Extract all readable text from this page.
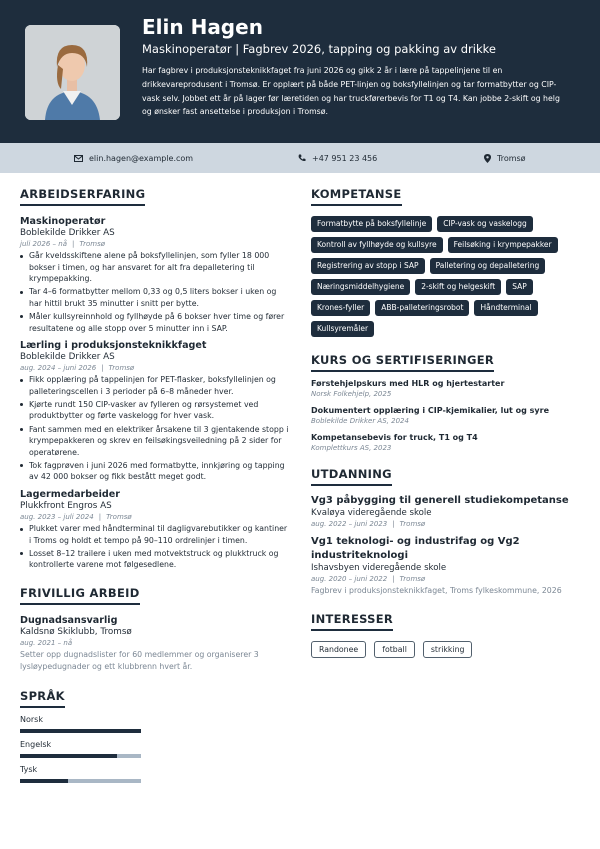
Elin Hagen
Maskinoperatør | Fagbrev 2026, tapping og pakking av drikke
Har fagbrev i produksjonsteknikkfaget fra juni 2026 og gikk 2 år i lære på tappelinjene til en drikkevareprodusent i Tromsø. Er opplært på både PET-linjen og boksfyllelinjen og tar formatbytter og CIP-vask selv. Jobbet ett år på lager før læretiden og har truckførerbevis for T1 og T4. Kan jobbe 2-skift og helg og ønsker fast ansettelse i produksjon i Tromsø.
elin.hagen@example.com	+47 951 23 456	Tromsø
ARBEIDSERFARING
Maskinoperatør
Boblekilde Drikker AS
juli 2026 – nå | Tromsø
Går kveldsskiftene alene på boksfyllelinjen, som fyller 18 000 bokser i timen, og har ansvaret for alt fra depalletering til krympepakking.
Tar 4–6 formatbytter mellom 0,33 og 0,5 liters bokser i uken og har hittil brukt 35 minutter i snitt per bytte.
Måler kullsyreinnhold og fyllhøyde på 6 bokser hver time og fører resultatene og alle stopp over 5 minutter inn i SAP.
Lærling i produksjonsteknikkfaget
Boblekilde Drikker AS
aug. 2024 – juni 2026 | Tromsø
Fikk opplæring på tappelinjen for PET-flasker, boksfyllelinjen og palleteringscellen i 3 perioder på 6–8 måneder hver.
Kjørte rundt 150 CIP-vasker av fylleren og rørsystemet ved produktbytter og førte vaskelogg for hver vask.
Fant sammen med en elektriker årsakene til 3 gjentakende stopp i krympepakkeren og skrev en feilsøkingsveiledning på 2 sider for operatørene.
Tok fagprøven i juni 2026 med formatbytte, innkjøring og tapping av 42 000 bokser og fikk bestått meget godt.
Lagermedarbeider
Plukkfront Engros AS
aug. 2023 – juli 2024 | Tromsø
Plukket varer med håndterminal til dagligvarebutikker og kantiner i Troms og holdt et tempo på 90–110 ordrelinjer i timen.
Losset 8–12 trailere i uken med motvektstruck og plukktruck og kontrollerte varene mot følgesedlene.
FRIVILLIG ARBEID
Dugnadsansvarlig
Kaldsnø Skiklubb, Tromsø
aug. 2021 – nå
Setter opp dugnadslister for 60 medlemmer og organiserer 3 lysløypedugnader og ett klubbrenn hvert år.
SPRÅK
Norsk
Engelsk
Tysk
KOMPETANSE
Formatbytte på boksfyllelinje	CIP-vask og vaskelogg
Kontroll av fyllhøyde og kullsyre	Feilsøking i krympepakker
Registrering av stopp i SAP	Palletering og depalletering
Næringsmiddelhygiene	2-skift og helgeskift	SAP
Krones-fyller	ABB-palleteringsrobot	Håndterminal
Kullsyremåler
KURS OG SERTIFISERINGER
Førstehjelpskurs med HLR og hjertestarter
Norsk Folkehjelp, 2025
Dokumentert opplæring i CIP-kjemikalier, lut og syre
Boblekilde Drikker AS, 2024
Kompetansebevis for truck, T1 og T4
Komplettkurs AS, 2023
UTDANNING
Vg3 påbygging til generell studiekompetanse
Kvaløya videregående skole
aug. 2022 – juni 2023 | Tromsø
Vg1 teknologi- og industrifag og Vg2 industriteknologi
Ishavsbyen videregående skole
aug. 2020 – juni 2022 | Tromsø
Fagbrev i produksjonsteknikkfaget, Troms fylkeskommune, 2026
INTERESSER
Randonee	fotball	strikking
